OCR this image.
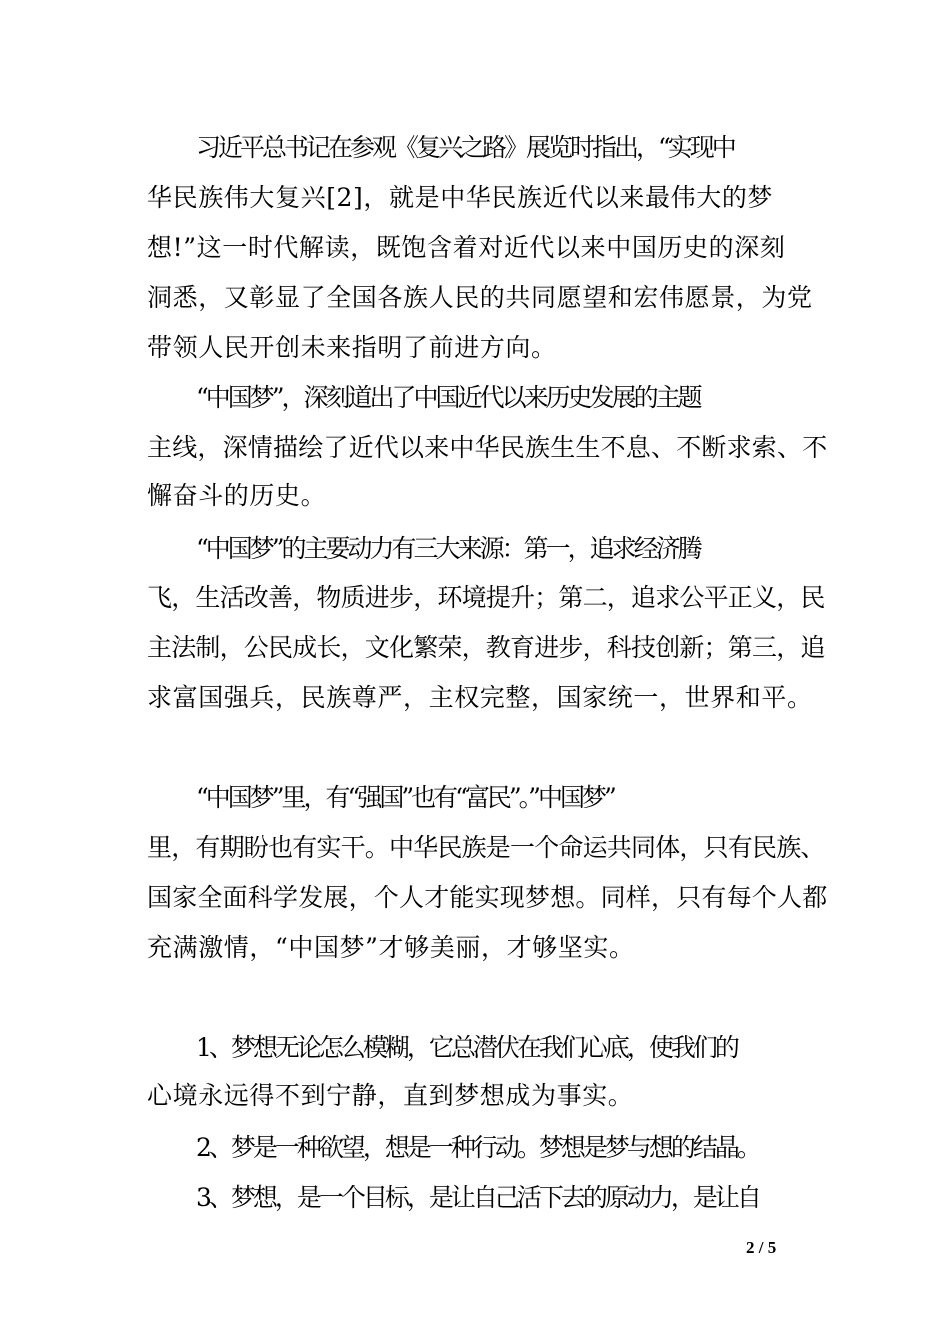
习近平总书记在参观《复兴之路》展览时指出，“实现中
华民族伟大复兴[2]，就是中华民族近代以来最伟大的梦
想!”这一时代解读，既饱含着对近代以来中国历史的深刻
洞悉，又彰显了全国各族人民的共同愿望和宏伟愿景，为党
带领人民开创未来指明了前进方向。
“中国梦”，深刻道出了中国近代以来历史发展的主题
主线，深情描绘了近代以来中华民族生生不息、不断求索、不
懈奋斗的历史。
“中国梦”的主要动力有三大来源：第一，追求经济腾
飞，生活改善，物质进步，环境提升；第二，追求公平正义，民
主法制，公民成长，文化繁荣，教育进步，科技创新；第三，追
求富国强兵，民族尊严，主权完整，国家统一，世界和平。
“中国梦”里，有“强国”也有“富民”。”中国梦”
里，有期盼也有实干。中华民族是一个命运共同体，只有民族、
国家全面科学发展，个人才能实现梦想。同样，只有每个人都
充满激情，“中国梦”才够美丽，才够坚实。
1、梦想无论怎么模糊，它总潜伏在我们心底，使我们的
心境永远得不到宁静，直到梦想成为事实。
2、梦是一种欲望，想是一种行动。梦想是梦与想的结晶。
3、梦想，是一个目标，是让自己活下去的原动力，是让自
2 / 5
